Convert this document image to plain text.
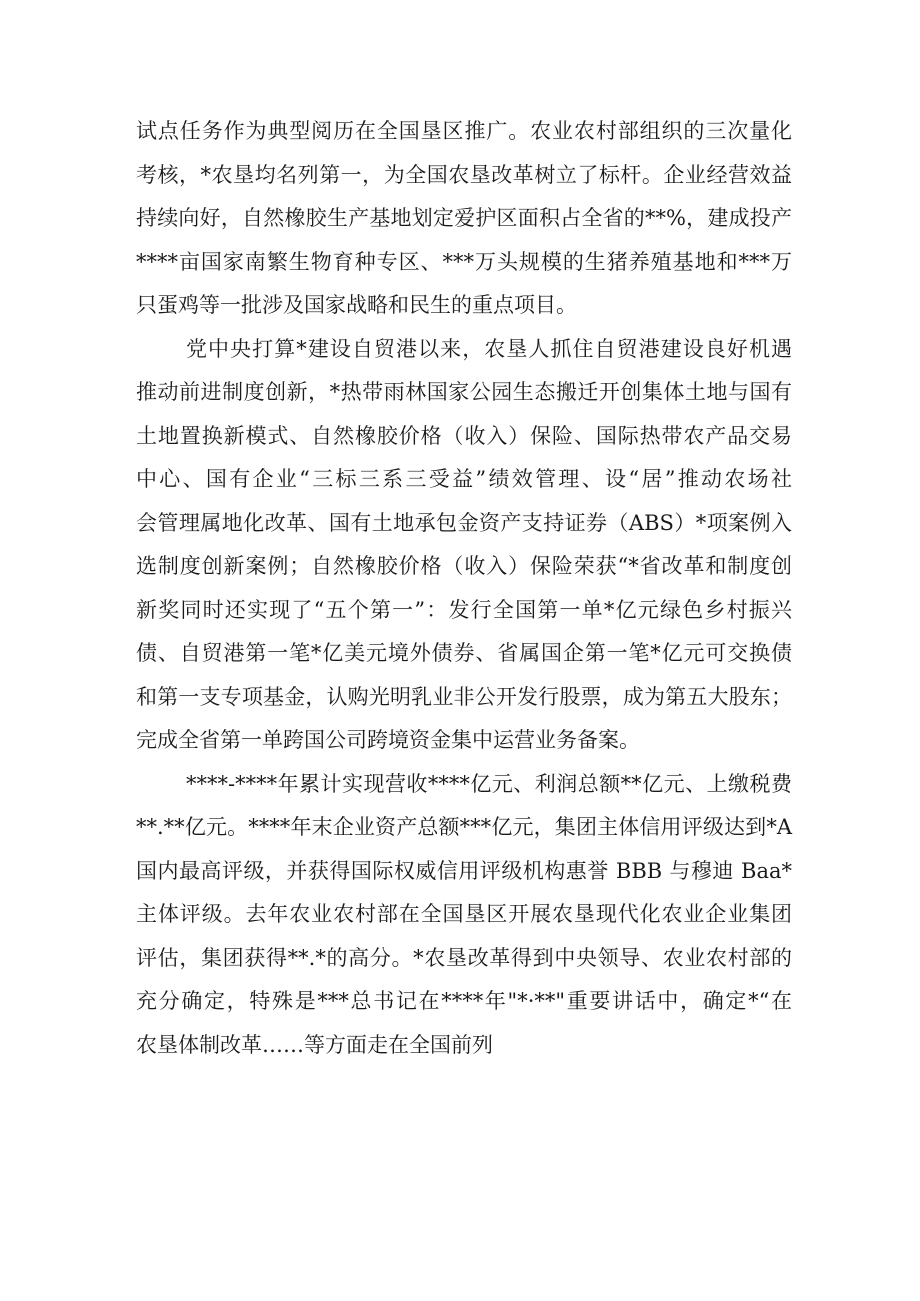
试点任务作为典型阅历在全国垦区推广。农业农村部组织的三次量化
考核，*农垦均名列第一，为全国农垦改革树立了标杆。企业经营效益
持续向好，自然橡胶生产基地划定爱护区面积占全省的**%，建成投产
****亩国家南繁生物育种专区、***万头规模的生猪养殖基地和***万
只蛋鸡等一批涉及国家战略和民生的重点项目。

党中央打算*建设自贸港以来，农垦人抓住自贸港建设良好机遇
推动前进制度创新，*热带雨林国家公园生态搬迁开创集体土地与国有
土地置换新模式、自然橡胶价格（收入）保险、国际热带农产品交易
中心、国有企业“三标三系三受益”绩效管理、设“居”推动农场社
会管理属地化改革、国有土地承包金资产支持证券（ABS）*项案例入
选制度创新案例；自然橡胶价格（收入）保险荣获“*省改革和制度创
新奖同时还实现了“五个第一”：发行全国第一单*亿元绿色乡村振兴
债、自贸港第一笔*亿美元境外债券、省属国企第一笔*亿元可交换债
和第一支专项基金，认购光明乳业非公开发行股票，成为第五大股东；
完成全省第一单跨国公司跨境资金集中运营业务备案。

****-****年累计实现营收****亿元、利润总额**亿元、上缴税费
**.**亿元。****年末企业资产总额***亿元，集团主体信用评级达到*A
国内最高评级，并获得国际权威信用评级机构惠誉 BBB 与穆迪 Baa*
主体评级。去年农业农村部在全国垦区开展农垦现代化农业企业集团
评估，集团获得**.*的高分。*农垦改革得到中央领导、农业农村部的
充分确定，特殊是***总书记在****年"*·**"重要讲话中，确定*“在
农垦体制改革……等方面走在全国前列
